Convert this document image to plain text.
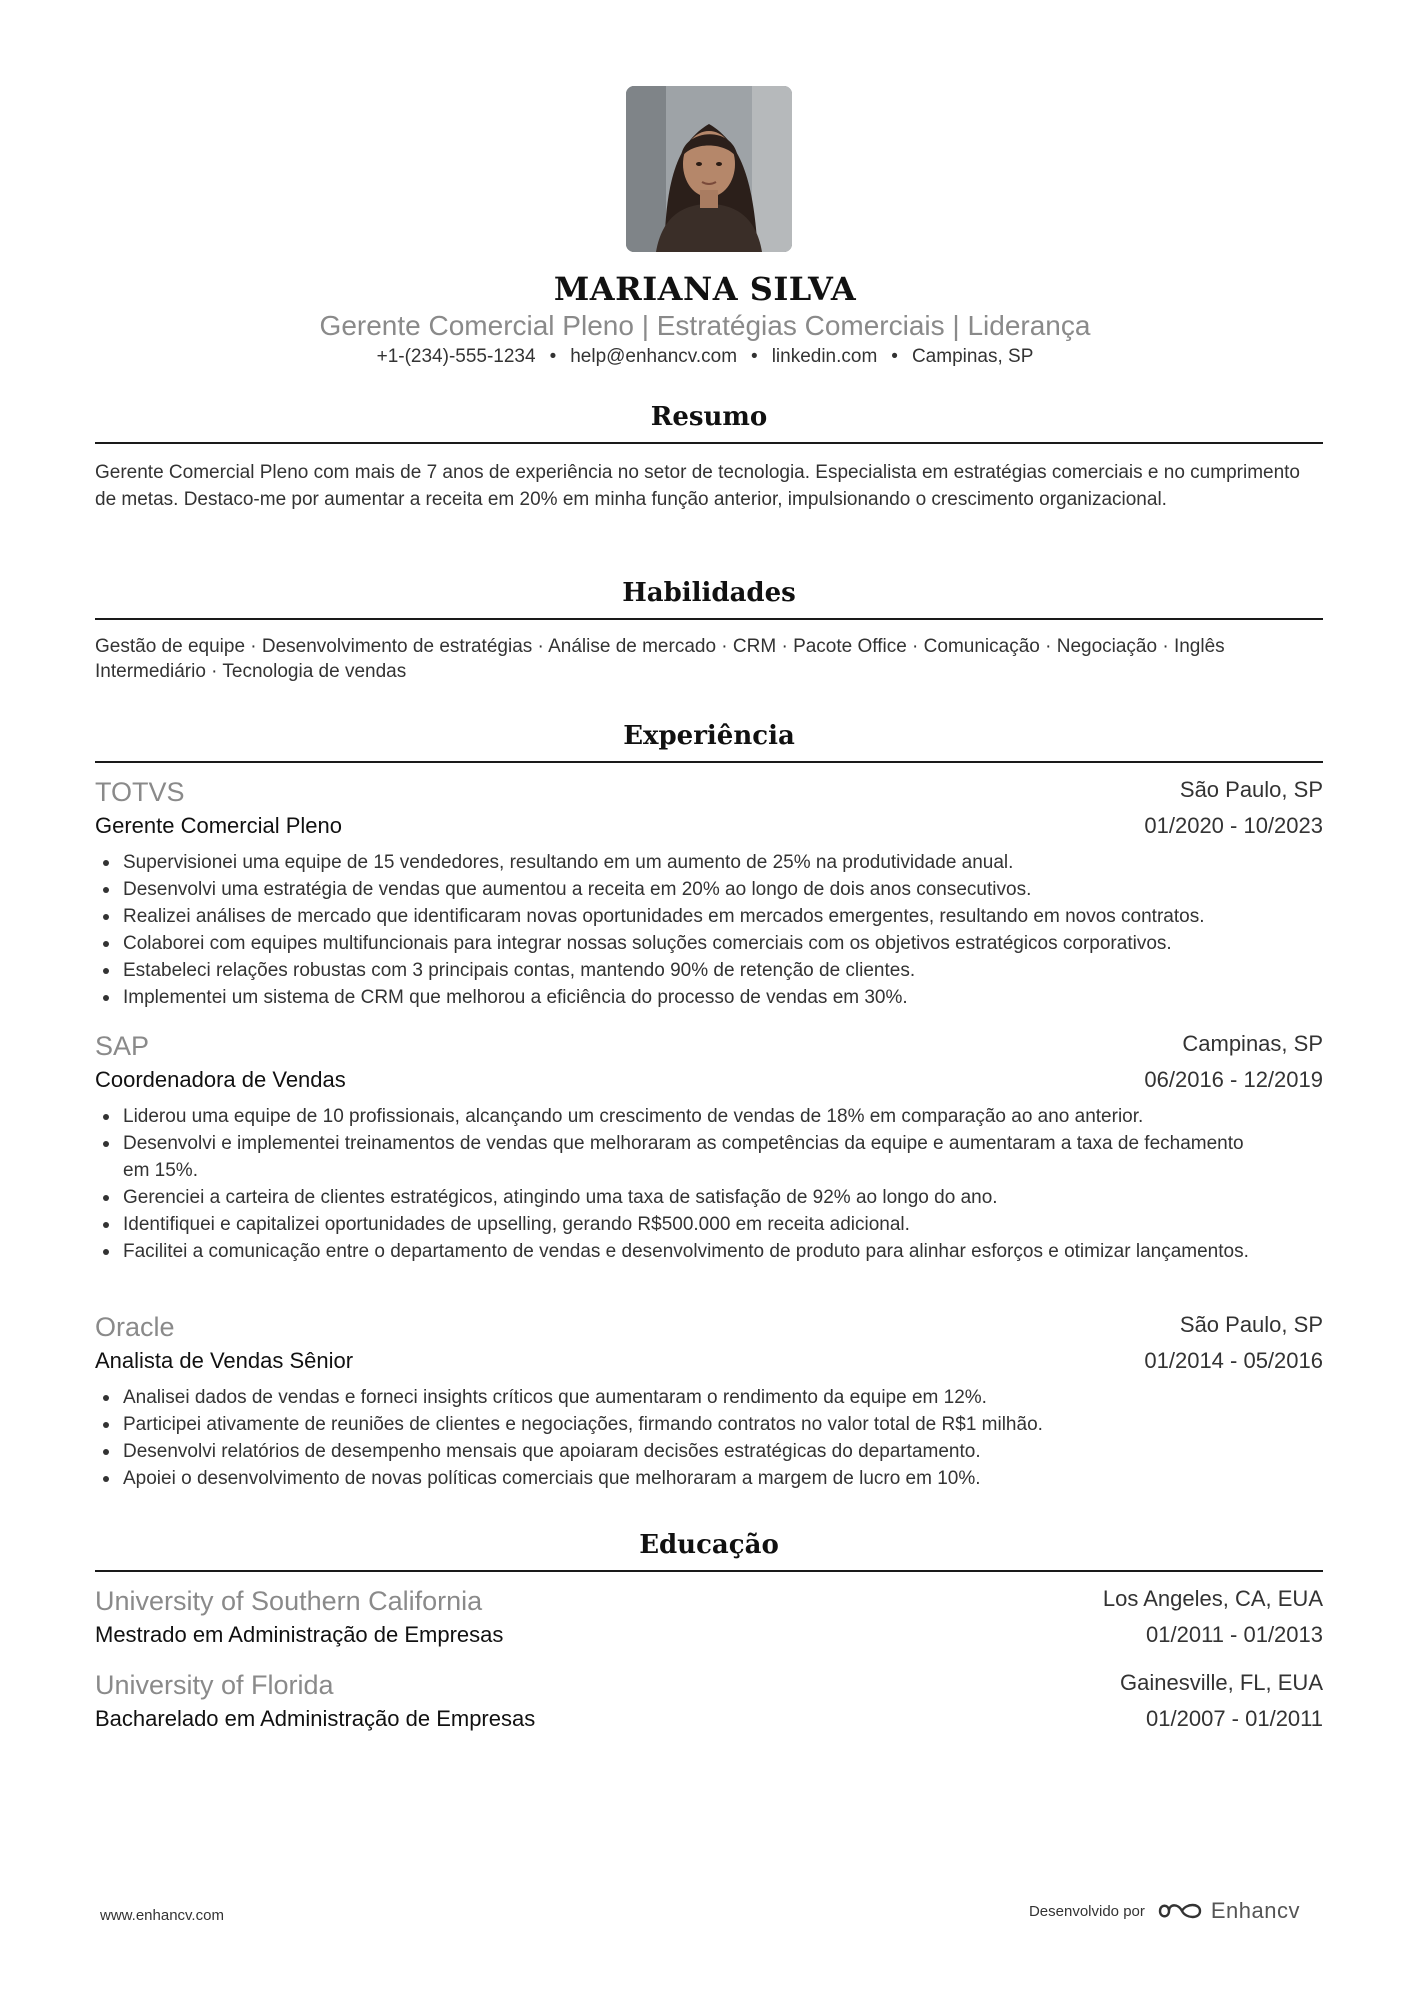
MARIANA SILVA
Gerente Comercial Pleno | Estratégias Comerciais | Liderança
+1-(234)-555-1234 • help@enhancv.com • linkedin.com • Campinas, SP
Resumo
Gerente Comercial Pleno com mais de 7 anos de experiência no setor de tecnologia. Especialista em estratégias comerciais e no cumprimento de metas. Destaco-me por aumentar a receita em 20% em minha função anterior, impulsionando o crescimento organizacional.
Habilidades
Gestão de equipe · Desenvolvimento de estratégias · Análise de mercado · CRM · Pacote Office · Comunicação · Negociação · Inglês Intermediário · Tecnologia de vendas
Experiência
TOTVS	São Paulo, SP
Gerente Comercial Pleno	01/2020 - 10/2023
Supervisionei uma equipe de 15 vendedores, resultando em um aumento de 25% na produtividade anual.
Desenvolvi uma estratégia de vendas que aumentou a receita em 20% ao longo de dois anos consecutivos.
Realizei análises de mercado que identificaram novas oportunidades em mercados emergentes, resultando em novos contratos.
Colaborei com equipes multifuncionais para integrar nossas soluções comerciais com os objetivos estratégicos corporativos.
Estabeleci relações robustas com 3 principais contas, mantendo 90% de retenção de clientes.
Implementei um sistema de CRM que melhorou a eficiência do processo de vendas em 30%.
SAP	Campinas, SP
Coordenadora de Vendas	06/2016 - 12/2019
Liderou uma equipe de 10 profissionais, alcançando um crescimento de vendas de 18% em comparação ao ano anterior.
Desenvolvi e implementei treinamentos de vendas que melhoraram as competências da equipe e aumentaram a taxa de fechamento em 15%.
Gerenciei a carteira de clientes estratégicos, atingindo uma taxa de satisfação de 92% ao longo do ano.
Identifiquei e capitalizei oportunidades de upselling, gerando R$500.000 em receita adicional.
Facilitei a comunicação entre o departamento de vendas e desenvolvimento de produto para alinhar esforços e otimizar lançamentos.
Oracle	São Paulo, SP
Analista de Vendas Sênior	01/2014 - 05/2016
Analisei dados de vendas e forneci insights críticos que aumentaram o rendimento da equipe em 12%.
Participei ativamente de reuniões de clientes e negociações, firmando contratos no valor total de R$1 milhão.
Desenvolvi relatórios de desempenho mensais que apoiaram decisões estratégicas do departamento.
Apoiei o desenvolvimento de novas políticas comerciais que melhoraram a margem de lucro em 10%.
Educação
University of Southern California	Los Angeles, CA, EUA
Mestrado em Administração de Empresas	01/2011 - 01/2013
University of Florida	Gainesville, FL, EUA
Bacharelado em Administração de Empresas	01/2007 - 01/2011
www.enhancv.com	Desenvolvido por	Enhancv
